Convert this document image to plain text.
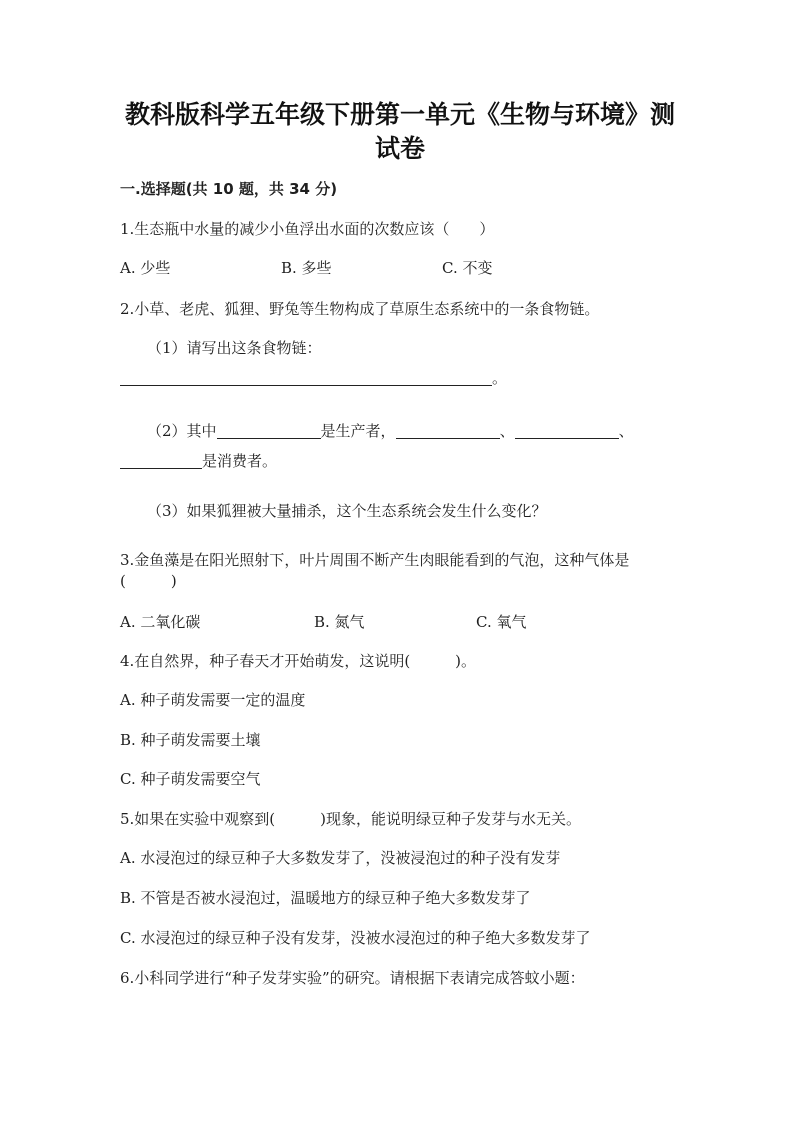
教科版科学五年级下册第一单元《生物与环境》测
试卷
一.选择题(共 10 题，共 34 分)
1.生态瓶中水量的减少小鱼浮出水面的次数应该（　　）
A. 少些	B. 多些	C. 不变
2.小草、老虎、狐狸、野兔等生物构成了草原生态系统中的一条食物链。
（1）请写出这条食物链：
。
（2）其中	是生产者，	、	、
是消费者。
（3）如果狐狸被大量捕杀，这个生态系统会发生什么变化？
3.金鱼藻是在阳光照射下，叶片周围不断产生肉眼能看到的气泡，这种气体是
(　　　)
A. 二氧化碳	B. 氮气	C. 氧气
4.在自然界，种子春天才开始萌发，这说明(　　　)。
A. 种子萌发需要一定的温度
B. 种子萌发需要土壤
C. 种子萌发需要空气
5.如果在实验中观察到(　　　)现象，能说明绿豆种子发芽与水无关。
A. 水浸泡过的绿豆种子大多数发芽了，没被浸泡过的种子没有发芽
B. 不管是否被水浸泡过，温暖地方的绿豆种子绝大多数发芽了
C. 水浸泡过的绿豆种子没有发芽，没被水浸泡过的种子绝大多数发芽了
6.小科同学进行“种子发芽实验”的研究。请根据下表请完成答蚊小题：
